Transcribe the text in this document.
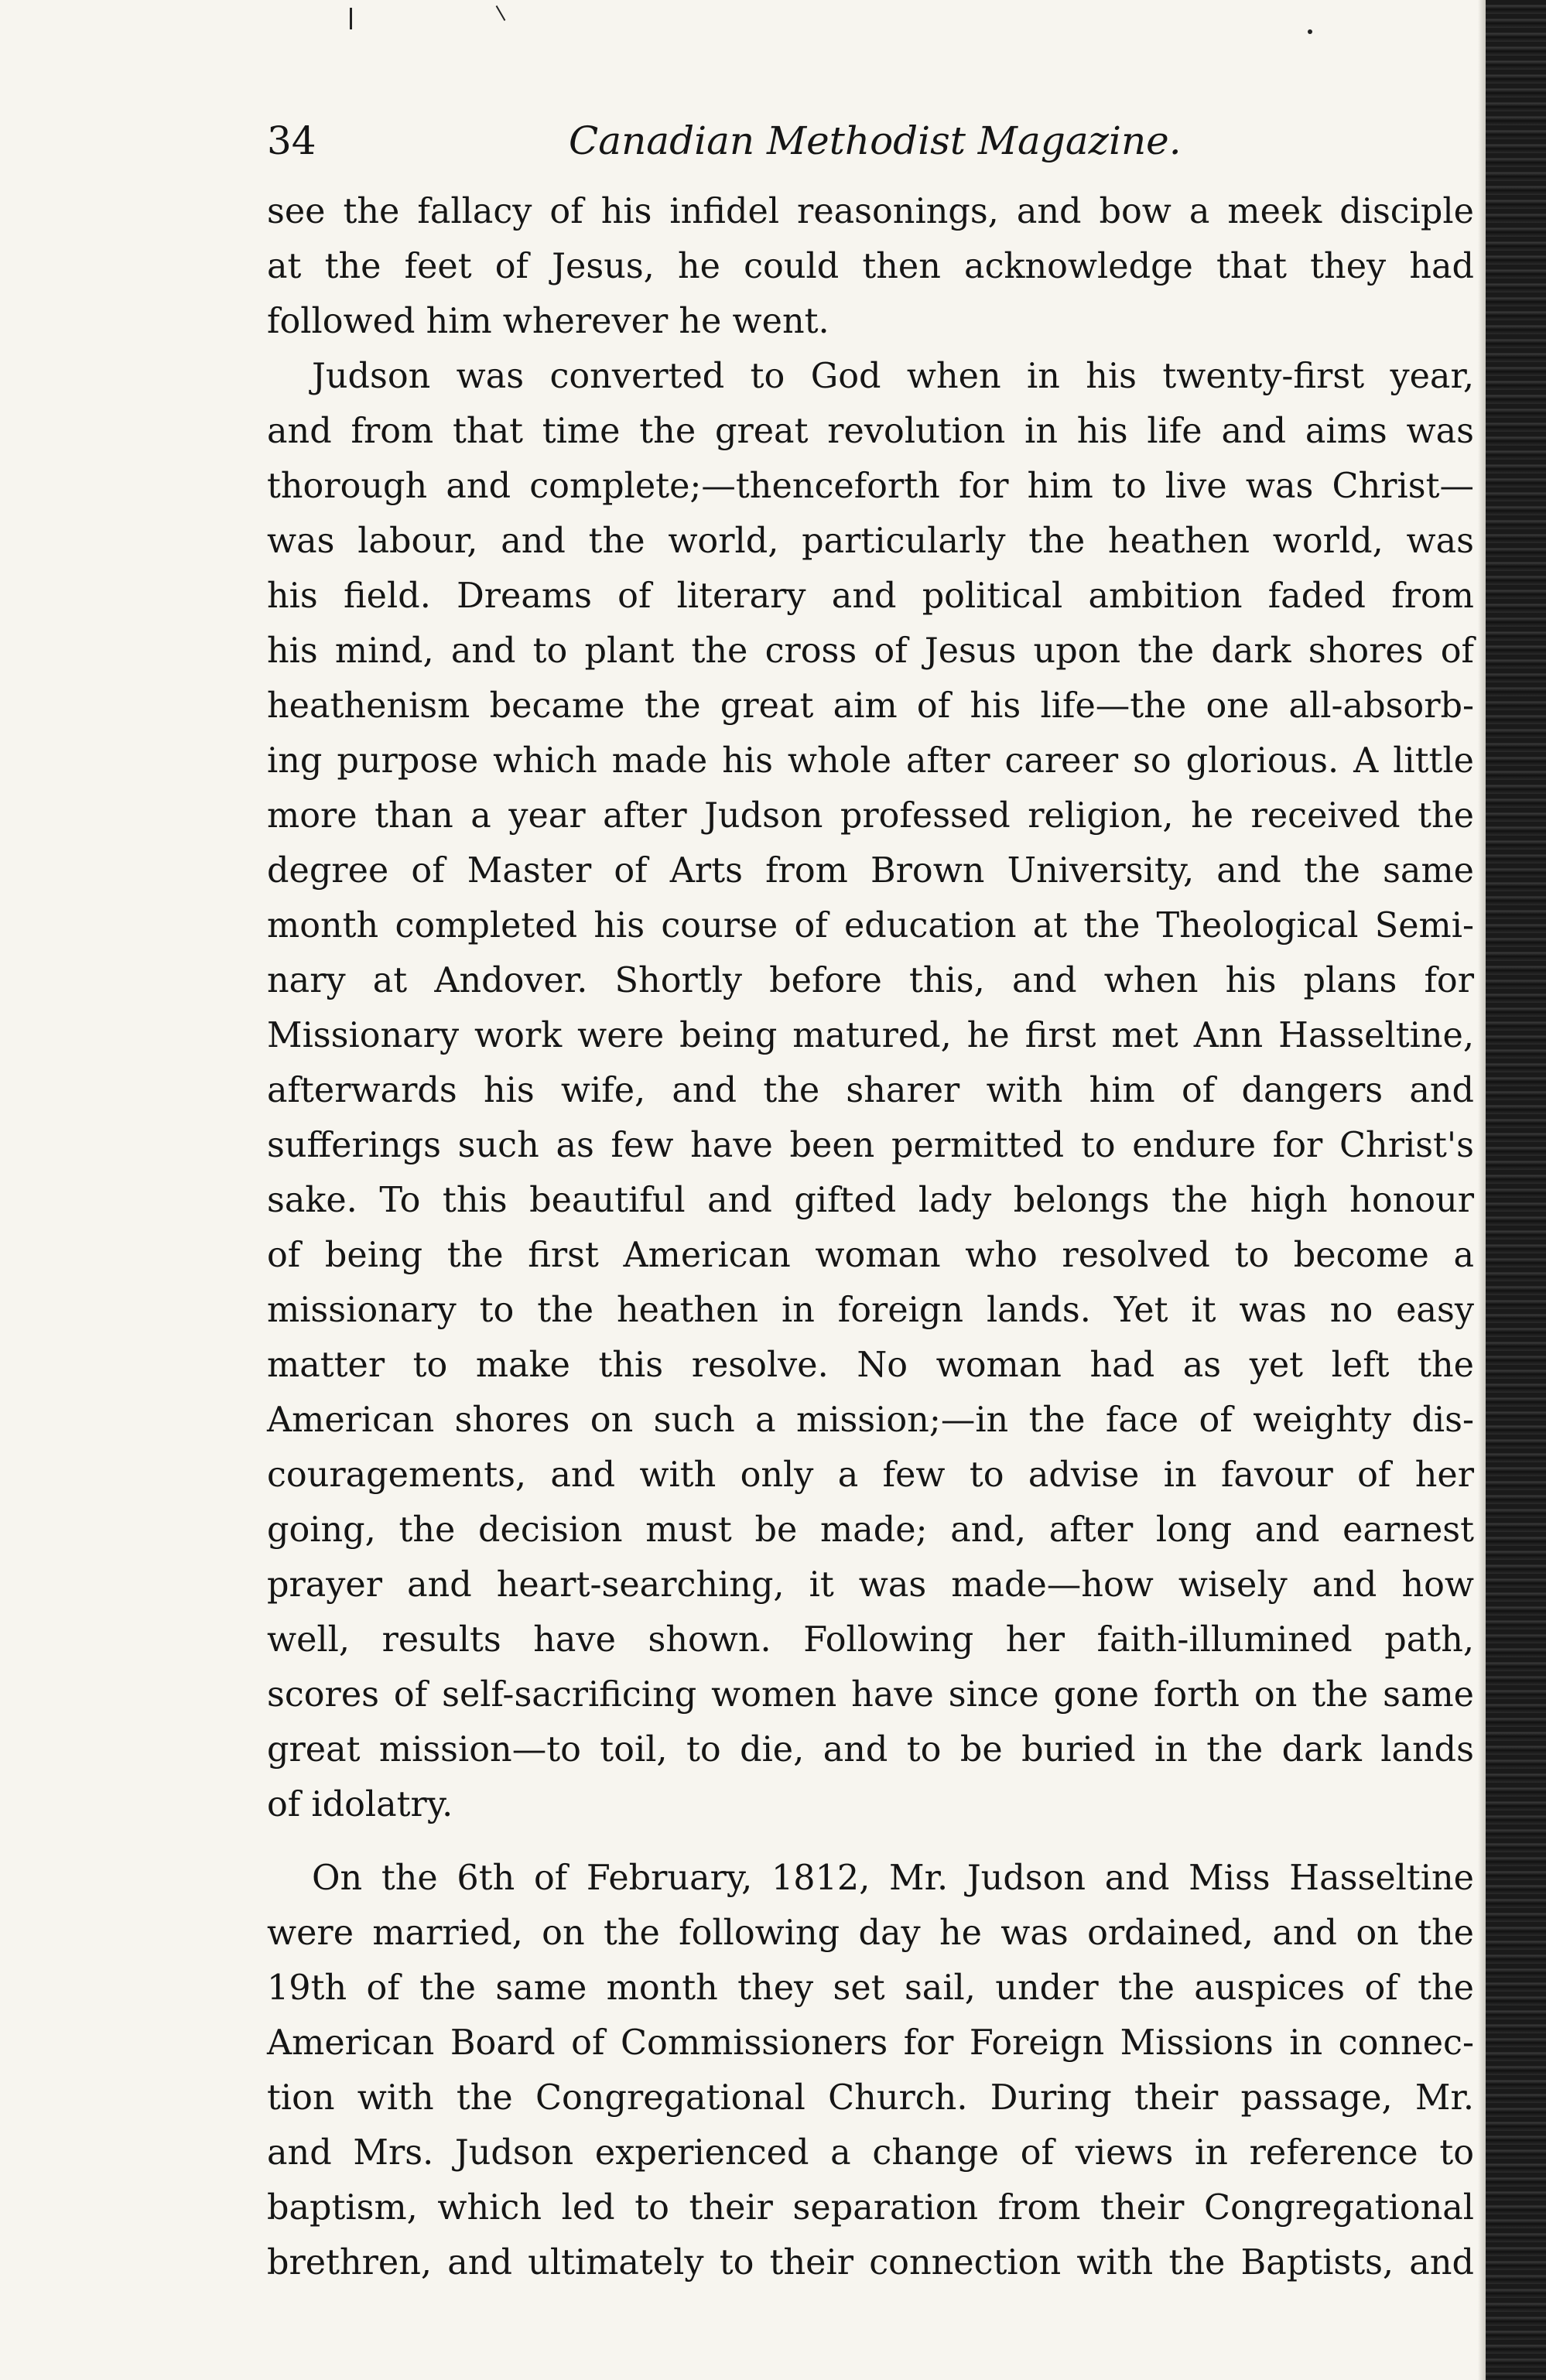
34	Canadian Methodist Magazine.
see the fallacy of his infidel reasonings, and bow a meek disciple
at the feet of Jesus, he could then acknowledge that they had
followed him wherever he went.
Judson was converted to God when in his twenty-first year,
and from that time the great revolution in his life and aims was
thorough and complete;—thenceforth for him to live was Christ—
was labour, and the world, particularly the heathen world, was
his field. Dreams of literary and political ambition faded from
his mind, and to plant the cross of Jesus upon the dark shores of
heathenism became the great aim of his life—the one all-absorb-
ing purpose which made his whole after career so glorious. A little
more than a year after Judson professed religion, he received the
degree of Master of Arts from Brown University, and the same
month completed his course of education at the Theological Semi-
nary at Andover. Shortly before this, and when his plans for
Missionary work were being matured, he first met Ann Hasseltine,
afterwards his wife, and the sharer with him of dangers and
sufferings such as few have been permitted to endure for Christ's
sake. To this beautiful and gifted lady belongs the high honour
of being the first American woman who resolved to become a
missionary to the heathen in foreign lands. Yet it was no easy
matter to make this resolve. No woman had as yet left the
American shores on such a mission;—in the face of weighty dis-
couragements, and with only a few to advise in favour of her
going, the decision must be made; and, after long and earnest
prayer and heart-searching, it was made—how wisely and how
well, results have shown. Following her faith-illumined path,
scores of self-sacrificing women have since gone forth on the same
great mission—to toil, to die, and to be buried in the dark lands
of idolatry.
On the 6th of February, 1812, Mr. Judson and Miss Hasseltine
were married, on the following day he was ordained, and on the
19th of the same month they set sail, under the auspices of the
American Board of Commissioners for Foreign Missions in connec-
tion with the Congregational Church. During their passage, Mr.
and Mrs. Judson experienced a change of views in reference to
baptism, which led to their separation from their Congregational
brethren, and ultimately to their connection with the Baptists, and
